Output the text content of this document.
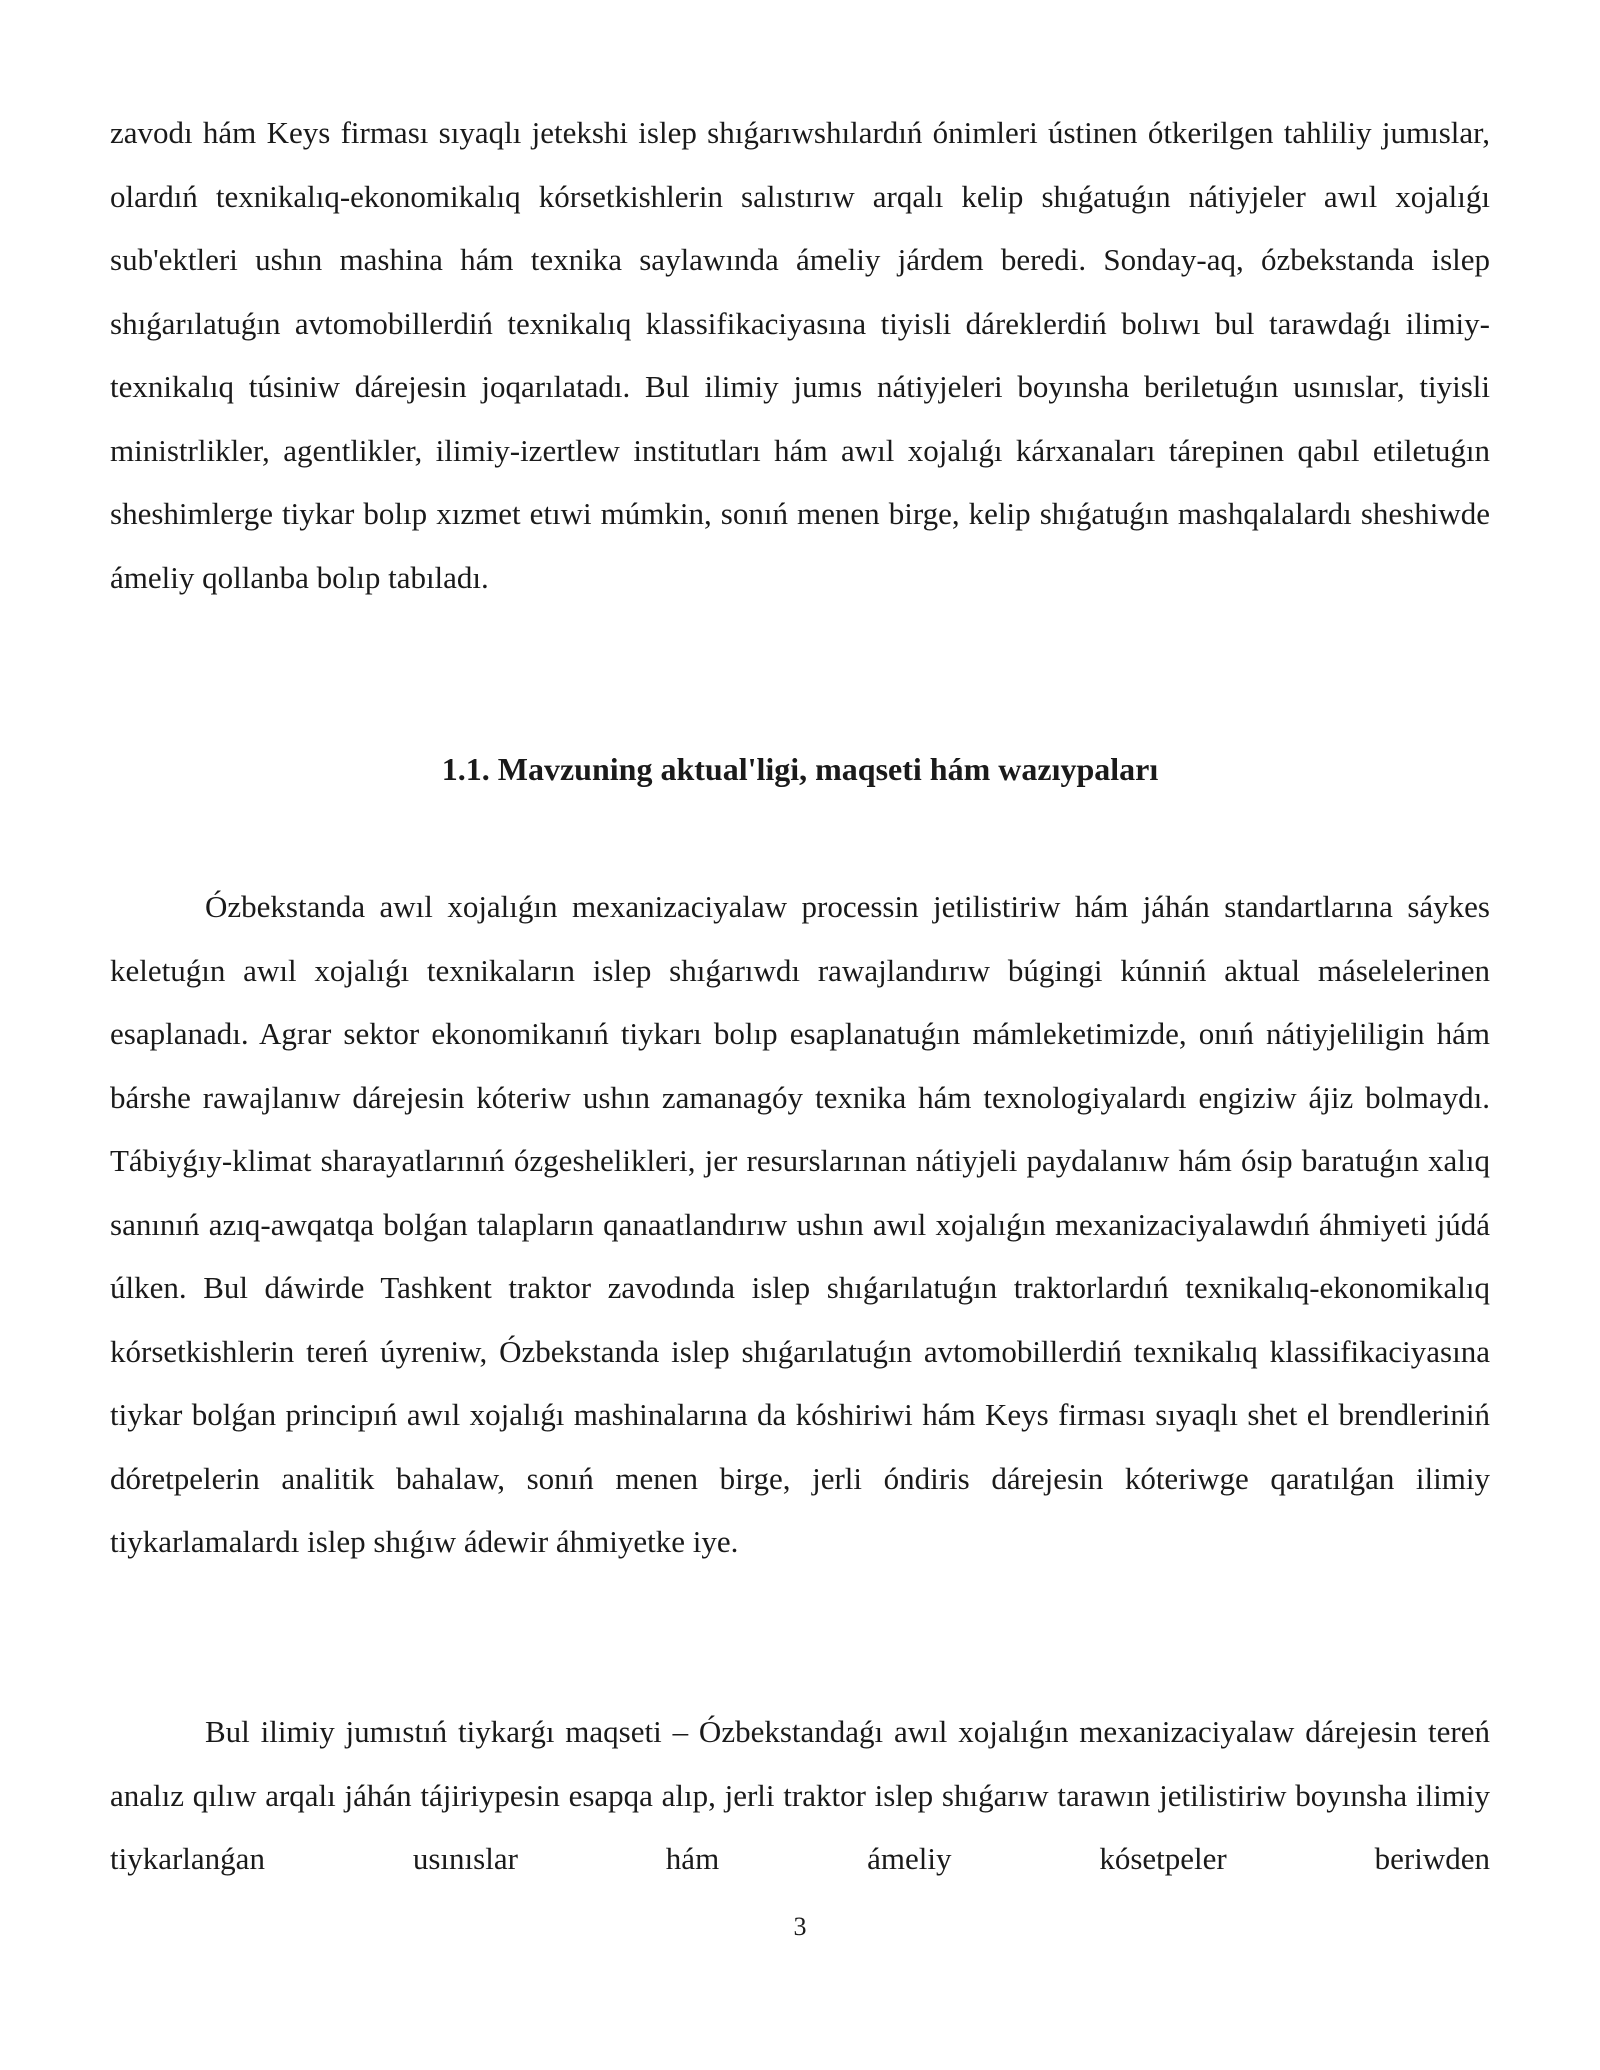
zavodı hám Keys firması sıyaqlı jetekshi islep shıǵarıwshılardıń ónimleri ústinen ótkerilgen tahliliy jumıslar, olardıń texnikalıq-ekonomikalıq kórsetkishlerin salıstırıw arqalı kelip shıǵatuǵın nátiyjeler awıl xojalıǵı sub'ektleri ushın mashina hám texnika saylawında ámeliy járdem beredi. Sonday-aq, ózbekstanda islep shıǵarılatuǵın avtomobillerdiń texnikalıq klassifikaciyasına tiyisli dáreklerdiń bolıwı bul tarawdaǵı ilimiy-texnikalıq túsiniw dárejesin joqarılatadı. Bul ilimiy jumıs nátiyjeleri boyınsha beriletuǵın usınıslar, tiyisli ministrlikler, agentlikler, ilimiy-izertlew institutları hám awıl xojalıǵı kárxanaları tárepinen qabıl etiletuǵın sheshimlerge tiykar bolıp xızmet etıwi múmkin, sonıń menen birge, kelip shıǵatuǵın mashqalalardı sheshiwde ámeliy qollanba bolıp tabıladı.

1.1. Mavzuning aktual'ligi, maqseti hám wazıypaları

Ózbekstanda awıl xojalıǵın mexanizaciyalaw processin jetilistiriw hám jáhán standartlarına sáykes keletuǵın awıl xojalıǵı texnikaların islep shıǵarıwdı rawajlandırıw búgingi kúnniń aktual máselelerinen esaplanadı. Agrar sektor ekonomikanıń tiykarı bolıp esaplanatuǵın mámleketimizde, onıń nátiyjeliligin hám bárshe rawajlanıw dárejesin kóteriw ushın zamanagóy texnika hám texnologiyalardı engiziw ájiz bolmaydı. Tábiyǵıy-klimat sharayatlarınıń ózgeshelikleri, jer resurslarınan nátiyjeli paydalanıw hám ósip baratuǵın xalıq sanınıń azıq-awqatqa bolǵan talapların qanaatlandırıw ushın awıl xojalıǵın mexanizaciyalawdıń áhmiyeti júdá úlken. Bul dáwirde Tashkent traktor zavodında islep shıǵarılatuǵın traktorlardıń texnikalıq-ekonomikalıq kórsetkishlerin tereń úyreniw, Ózbekstanda islep shıǵarılatuǵın avtomobillerdiń texnikalıq klassifikaciyasına tiykar bolǵan principıń awıl xojalıǵı mashinalarına da kóshiriwi hám Keys firması sıyaqlı shet el brendleriniń dóretpelerin analitik bahalaw, sonıń menen birge, jerli óndiris dárejesin kóteriwge qaratılǵan ilimiy tiykarlamalardı islep shıǵıw ádewir áhmiyetke iye.

Bul ilimiy jumıstıń tiykarǵı maqseti – Ózbekstandaǵı awıl xojalıǵın mexanizaciyalaw dárejesin tereń analız qılıw arqalı jáhán tájiriypesin esapqa alıp, jerli traktor islep shıǵarıw tarawın jetilistiriw boyınsha ilimiy tiykarlanǵan usınıslar hám ámeliy kósetpeler beriwden

3
